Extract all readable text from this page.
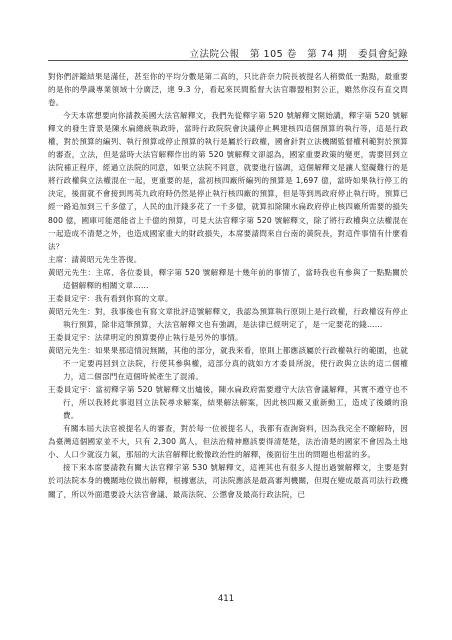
立法院公報 第 105 卷 第 74 期 委員會紀錄

對你們評鑑結果是滿任，甚至你的平均分數是第二高的，只比許奈力院長被提名人稍微低一點點，最重要的是你的學識專業領域十分廣泛，達 9.3 分，看起來民間監督大法官聯盟相對公正，雖然你沒有直交問卷。

今天本席想要向你請教美國大法官解釋文，我們先從釋字第 520 號解釋文開始講，釋字第 520 號解釋文的發生背景是陳水扁總統執政時，當時行政院院會決議停止興建核四這個預算的執行等，這是行政權，對於預算的編列、執行預算或停止預算的執行是屬於行政權，國會針對立法機關監督權利範對於預算的審查，立法，但是當時大法官解釋作出的第 520 號解釋文卻認為，國家重要政策的變更，需要回到立法院補正程序，經過立法院的同意，如果立法院不同意，就要進行協調，這個解釋文是讓人窒礙難行的是將行政權與立法權混在一起，更重要的是，當初核四廠所編列的預算是 1,697 億，當時如果執行停工的決定，後面就不會接到馬英九政府時仍然是停止執行核四廠的預算，但是等到馬政府停止執行時，預算已經一路追加到三千多億了，人民的血汗錢多花了一千多億，就算扣除陳水扁政府停止核四廠所需要的損失 800 億，國庫可能還能省上千億的預算，可見大法官釋字第 520 號解釋文，除了將行政權與立法權混在一起造成不清楚之外，也造成國家重大的財政損失，本席要請問來自台南的黃院長，對這件事情有什麼看法？

主席：請黃昭元先生答復。

黃昭元先生：主席、各位委員，釋字第 520 號解釋是十幾年前的事情了，當時我也有參與了一點點關於這個解釋的相關文章……

王委員定宇：我有看到你寫的文章。

黃昭元先生：對，我事後也有寫文章批評這號解釋文，我認為預算執行原則上是行政權，行政權沒有停止執行預算，除非這筆預算，大法官解釋文也有強調，是法律已經明定了，是一定要花的錢……

王委員定宇：法律明定的預算要停止執行是另外的事情。

黃昭元先生：如果果那這情況無關，其他的部分，就我來看，原則上都應該屬於行政權執行的範圍，也就不一定要再回到立法院，行使其參與權，這部分真的就如方才委員所說，使行政與立法的這二個權力，這二個部門在這個時候產生了混淆。

王委員定宇：當初釋字第 520 號解釋文出爐後，陳水扁政府需要遵守大法官會議解釋，其實不遵守也不行，所以我將此事退回立法院尋求解案，結果解法解案，因此核四廠又重新動工，造成了後續的浪費。

有關本屆大法官被提名人的審查，對於每一位被提名人，我都有查詢資料，因為我完全不瞭解時，因為臺灣這個國家並不大，只有 2,300 萬人，但法治精神應該要得清楚楚，法治清楚的國家不會因為土地小、人口少就沒力氣，那屆的大法官解釋比較像政治性的解釋，後面衍生出的問題也相當的多。

接下來本席要請教有關大法官釋字第 530 號解釋文，這裡其也有很多人提出過號解釋文，主要是對於司法院本身的機關地位做出解釋，根據憲法，司法院應該是最高審判機關，但現在變成最高司法行政機關了，所以外面還要設大法官會議、最高法院、公懲會及最高行政法院，已

411
